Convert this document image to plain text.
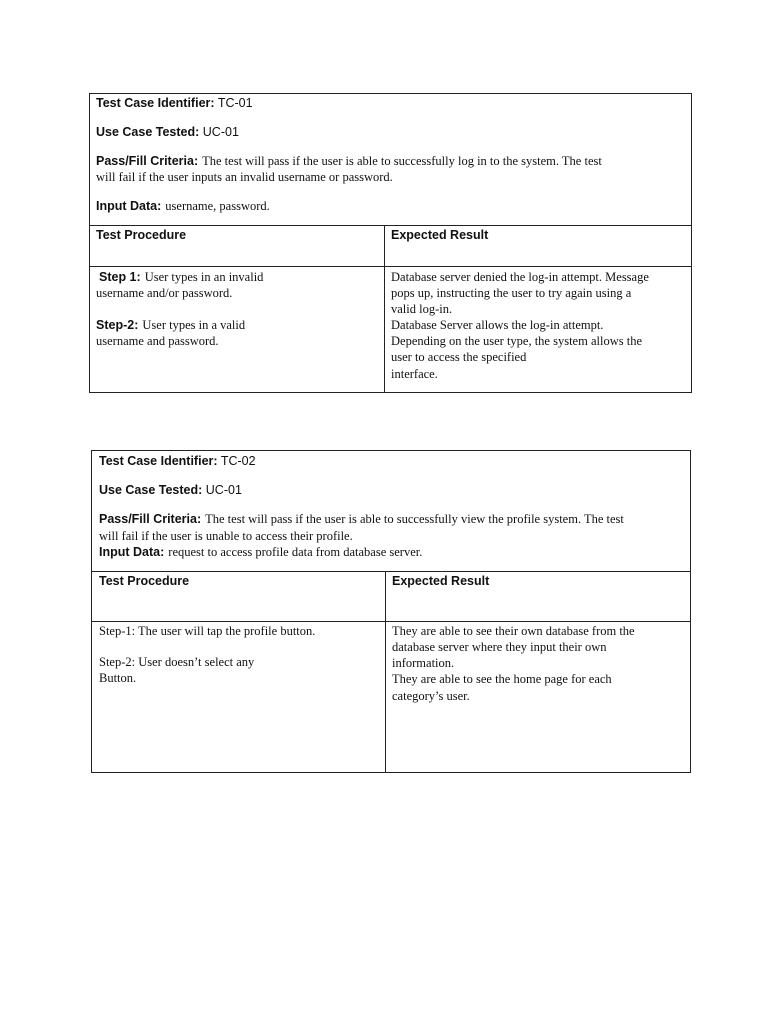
Test Case Identifier: TC-01
Use Case Tested: UC-01
Pass/Fill Criteria: The test will pass if the user is able to successfully log in to the system. The test
will fail if the user inputs an invalid username or password.
Input Data: username, password.
Test Procedure	Expected Result
Step 1: User types in an invalid
username and/or password.
Step-2: User types in a valid
username and password.
Database server denied the log-in attempt. Message
pops up, instructing the user to try again using a
valid log-in.
Database Server allows the log-in attempt.
Depending on the user type, the system allows the
user to access the specified
interface.
Test Case Identifier: TC-02
Use Case Tested: UC-01
Pass/Fill Criteria: The test will pass if the user is able to successfully view the profile system. The test
will fail if the user is unable to access their profile.
Input Data: request to access profile data from database server.
Test Procedure	Expected Result
Step-1: The user will tap the profile button.
Step-2: User doesn’t select any
Button.
They are able to see their own database from the
database server where they input their own
information.
They are able to see the home page for each
category’s user.
